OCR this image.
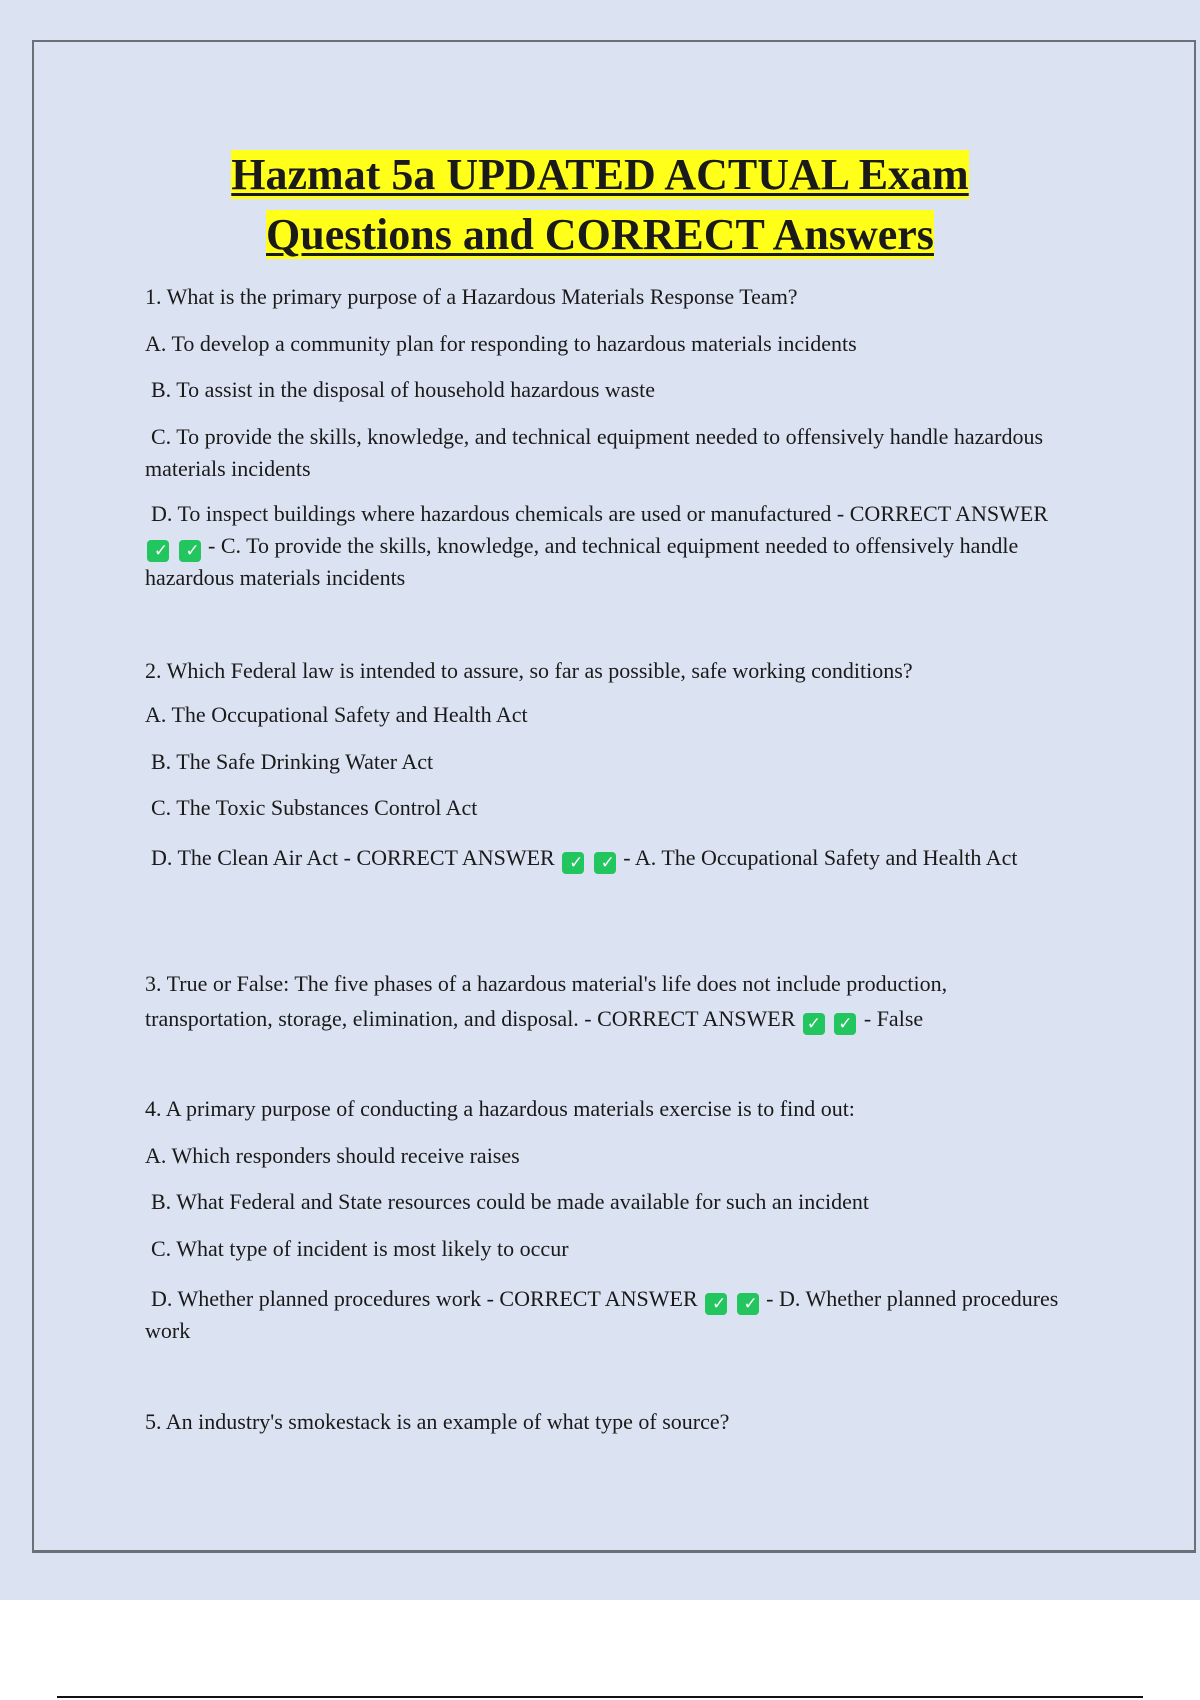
Hazmat 5a UPDATED ACTUAL Exam
Questions and CORRECT Answers
1. What is the primary purpose of a Hazardous Materials Response Team?
A. To develop a community plan for responding to hazardous materials incidents
B. To assist in the disposal of household hazardous waste
C. To provide the skills, knowledge, and technical equipment needed to offensively handle hazardous materials incidents
D. To inspect buildings where hazardous chemicals are used or manufactured - CORRECT ANSWER ✓ ✓ - C. To provide the skills, knowledge, and technical equipment needed to offensively handle hazardous materials incidents
2. Which Federal law is intended to assure, so far as possible, safe working conditions?
A. The Occupational Safety and Health Act
B. The Safe Drinking Water Act
C. The Toxic Substances Control Act
D. The Clean Air Act - CORRECT ANSWER ✓ ✓ - A. The Occupational Safety and Health Act
3. True or False: The five phases of a hazardous material's life does not include production, transportation, storage, elimination, and disposal. - CORRECT ANSWER ✓ ✓ - False
4. A primary purpose of conducting a hazardous materials exercise is to find out:
A. Which responders should receive raises
B. What Federal and State resources could be made available for such an incident
C. What type of incident is most likely to occur
D. Whether planned procedures work - CORRECT ANSWER ✓ ✓ - D. Whether planned procedures work
5. An industry's smokestack is an example of what type of source?
